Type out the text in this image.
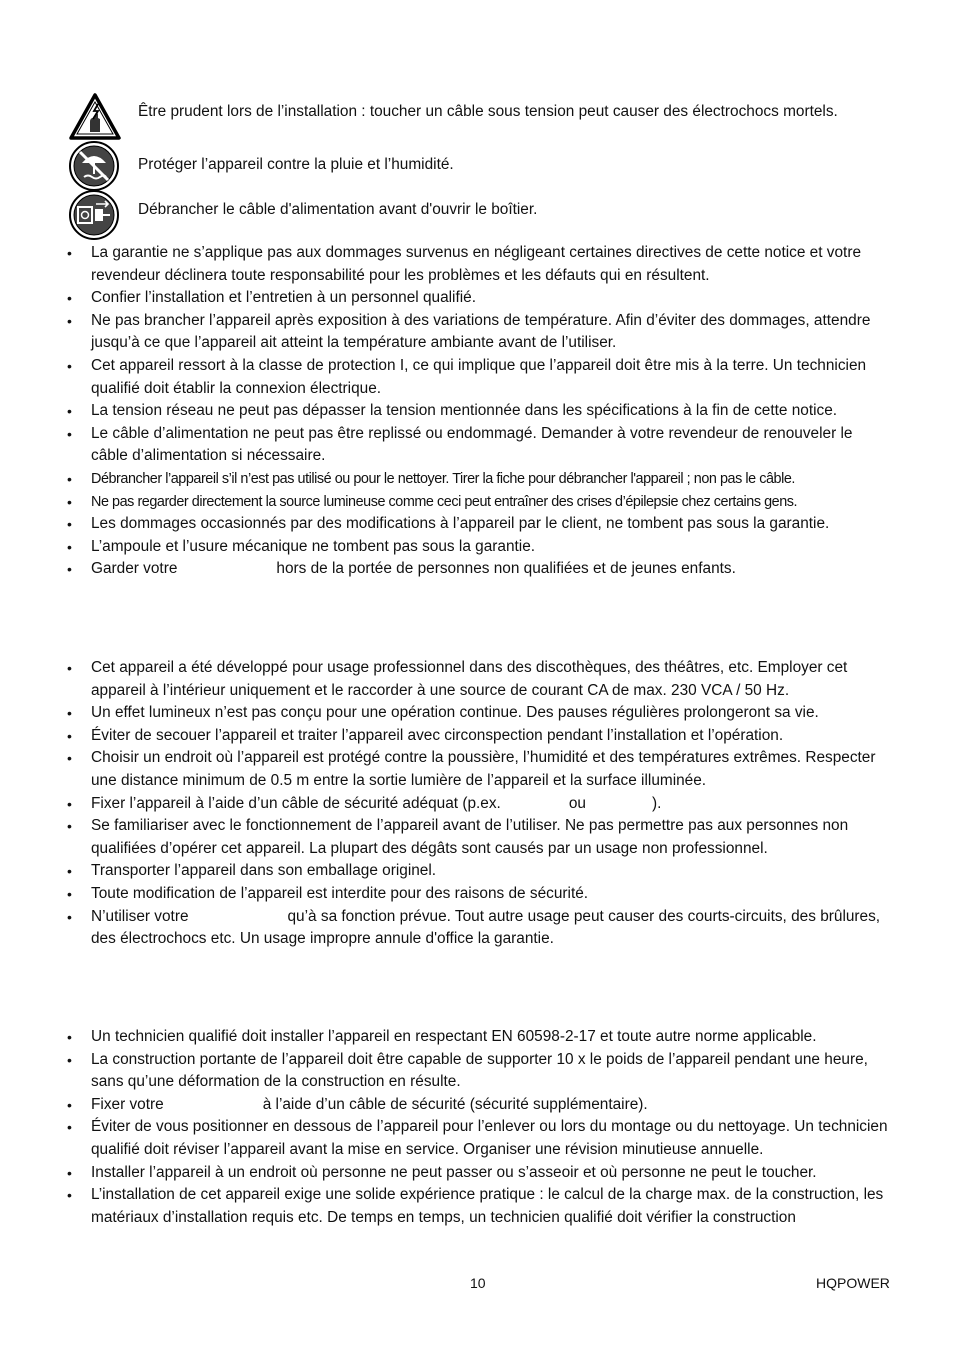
Être prudent lors de l’installation : toucher un câble sous tension peut causer des électrochocs mortels.
Protéger l’appareil contre la pluie et l’humidité.
Débrancher le câble d'alimentation avant d'ouvrir le boîtier.
• La garantie ne s’applique pas aux dommages survenus en négligeant certaines directives de cette notice et votre revendeur déclinera toute responsabilité pour les problèmes et les défauts qui en résultent.
• Confier l’installation et l’entretien à un personnel qualifié.
• Ne pas brancher l’appareil après exposition à des variations de température. Afin d’éviter des dommages, attendre jusqu’à ce que l’appareil ait atteint la température ambiante avant de l’utiliser.
• Cet appareil ressort à la classe de protection I, ce qui implique que l’appareil doit être mis à la terre. Un technicien qualifié doit établir la connexion électrique.
• La tension réseau ne peut pas dépasser la tension mentionnée dans les spécifications à la fin de cette notice.
• Le câble d’alimentation ne peut pas être replissé ou endommagé. Demander à votre revendeur de renouveler le câble d’alimentation si nécessaire.
• Débrancher l’appareil s’il n’est pas utilisé ou pour le nettoyer. Tirer la fiche pour débrancher l'appareil ; non pas le câble.
• Ne pas regarder directement la source lumineuse comme ceci peut entraîner des crises d’épilepsie chez certains gens.
• Les dommages occasionnés par des modifications à l’appareil par le client, ne tombent pas sous la garantie.
• L’ampoule et l’usure mécanique ne tombent pas sous la garantie.
• Garder votre	hors de la portée de personnes non qualifiées et de jeunes enfants.
• Cet appareil a été développé pour usage professionnel dans des discothèques, des théâtres, etc. Employer cet appareil à l’intérieur uniquement et le raccorder à une source de courant CA de max. 230 VCA / 50 Hz.
• Un effet lumineux n’est pas conçu pour une opération continue. Des pauses régulières prolongeront sa vie.
• Éviter de secouer l’appareil et traiter l’appareil avec circonspection pendant l’installation et l’opération.
• Choisir un endroit où l’appareil est protégé contre la poussière, l’humidité et des températures extrêmes. Respecter une distance minimum de 0.5 m entre la sortie lumière de l’appareil et la surface illuminée.
• Fixer l’appareil à l’aide d’un câble de sécurité adéquat (p.ex.	ou	).
• Se familiariser avec le fonctionnement de l’appareil avant de l’utiliser. Ne pas permettre pas aux personnes non qualifiées d’opérer cet appareil. La plupart des dégâts sont causés par un usage non professionnel.
• Transporter l’appareil dans son emballage originel.
• Toute modification de l’appareil est interdite pour des raisons de sécurité.
• N’utiliser votre	qu’à sa fonction prévue. Tout autre usage peut causer des courts-circuits, des brûlures, des électrochocs etc. Un usage impropre annule d'office la garantie.
• Un technicien qualifié doit installer l’appareil en respectant EN 60598-2-17 et toute autre norme applicable.
• La construction portante de l’appareil doit être capable de supporter 10 x le poids de l’appareil pendant une heure, sans qu’une déformation de la construction en résulte.
• Fixer votre	à l’aide d’un câble de sécurité (sécurité supplémentaire).
• Éviter de vous positionner en dessous de l’appareil pour l’enlever ou lors du montage ou du nettoyage. Un technicien qualifié doit réviser l’appareil avant la mise en service. Organiser une révision minutieuse annuelle.
• Installer l’appareil à un endroit où personne ne peut passer ou s’asseoir et où personne ne peut le toucher.
• L’installation de cet appareil exige une solide expérience pratique : le calcul de la charge max. de la construction, les matériaux d’installation requis etc. De temps en temps, un technicien qualifié doit vérifier la construction
10	HQPOWER
